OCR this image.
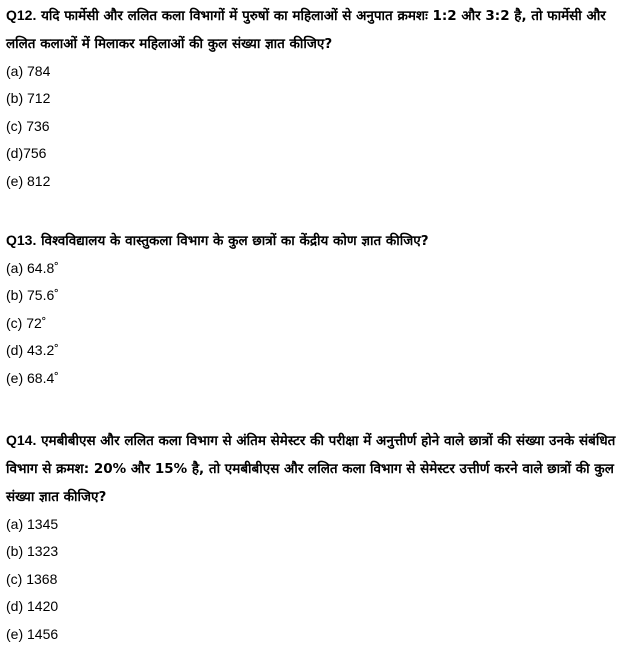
Q12. यदि फार्मेसी और ललित कला विभागों में पुरुषों का महिलाओं से अनुपात क्रमशः 1:2 और 3:2 है, तो फार्मेसी और ललित कलाओं में मिलाकर महिलाओं की कुल संख्या ज्ञात कीजिए?

(a) 784
(b) 712
(c) 736
(d)756
(e) 812

Q13. विश्वविद्यालय के वास्तुकला विभाग के कुल छात्रों का केंद्रीय कोण ज्ञात कीजिए?

(a) 64.8˚
(b) 75.6˚
(c) 72˚
(d) 43.2˚
(e) 68.4˚

Q14. एमबीबीएस और ललित कला विभाग से अंतिम सेमेस्टर की परीक्षा में अनुत्तीर्ण होने वाले छात्रों की संख्या उनके संबंधित विभाग से क्रमश: 20% और 15% है, तो एमबीबीएस और ललित कला विभाग से सेमेस्टर उत्तीर्ण करने वाले छात्रों की कुल संख्या ज्ञात कीजिए?

(a) 1345
(b) 1323
(c) 1368
(d) 1420
(e) 1456
